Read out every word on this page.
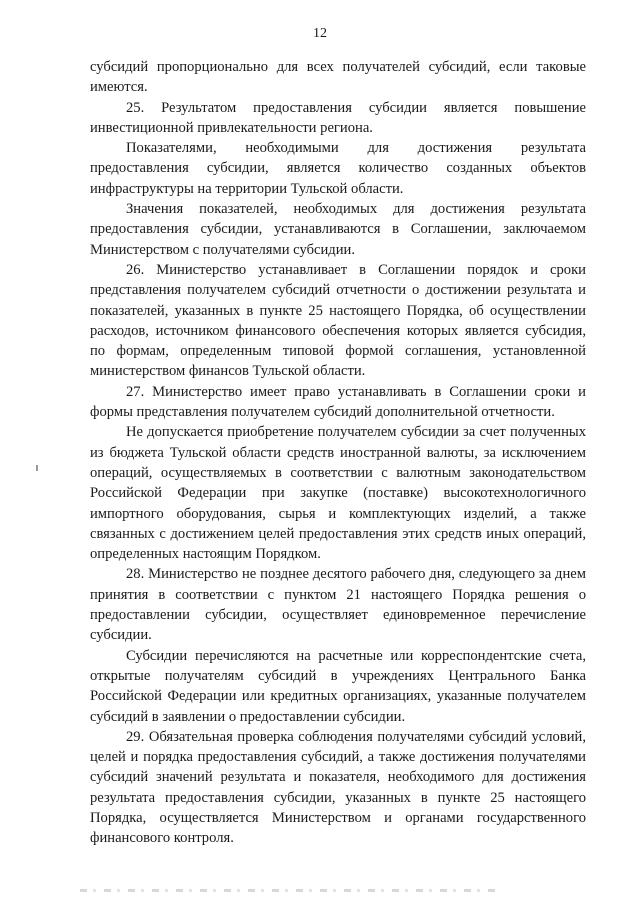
12

субсидий пропорционально для всех получателей субсидий, если таковые имеются.

25. Результатом предоставления субсидии является повышение инвестиционной привлекательности региона.

Показателями, необходимыми для достижения результата предоставления субсидии, является количество созданных объектов инфраструктуры на территории Тульской области.

Значения показателей, необходимых для достижения результата предоставления субсидии, устанавливаются в Соглашении, заключаемом Министерством с получателями субсидии.

26. Министерство устанавливает в Соглашении порядок и сроки представления получателем субсидий отчетности о достижении результата и показателей, указанных в пункте 25 настоящего Порядка, об осуществлении расходов, источником финансового обеспечения которых является субсидия, по формам, определенным типовой формой соглашения, установленной министерством финансов Тульской области.

27. Министерство имеет право устанавливать в Соглашении сроки и формы представления получателем субсидий дополнительной отчетности.

Не допускается приобретение получателем субсидии за счет полученных из бюджета Тульской области средств иностранной валюты, за исключением операций, осуществляемых в соответствии с валютным законодательством Российской Федерации при закупке (поставке) высокотехнологичного импортного оборудования, сырья и комплектующих изделий, а также связанных с достижением целей предоставления этих средств иных операций, определенных настоящим Порядком.

28. Министерство не позднее десятого рабочего дня, следующего за днем принятия в соответствии с пунктом 21 настоящего Порядка решения о предоставлении субсидии, осуществляет единовременное перечисление субсидии.

Субсидии перечисляются на расчетные или корреспондентские счета, открытые получателям субсидий в учреждениях Центрального Банка Российской Федерации или кредитных организациях, указанные получателем субсидий в заявлении о предоставлении субсидии.

29. Обязательная проверка соблюдения получателями субсидий условий, целей и порядка предоставления субсидий, а также достижения получателями субсидий значений результата и показателя, необходимого для достижения результата предоставления субсидии, указанных в пункте 25 настоящего Порядка, осуществляется Министерством и органами государственного финансового контроля.
